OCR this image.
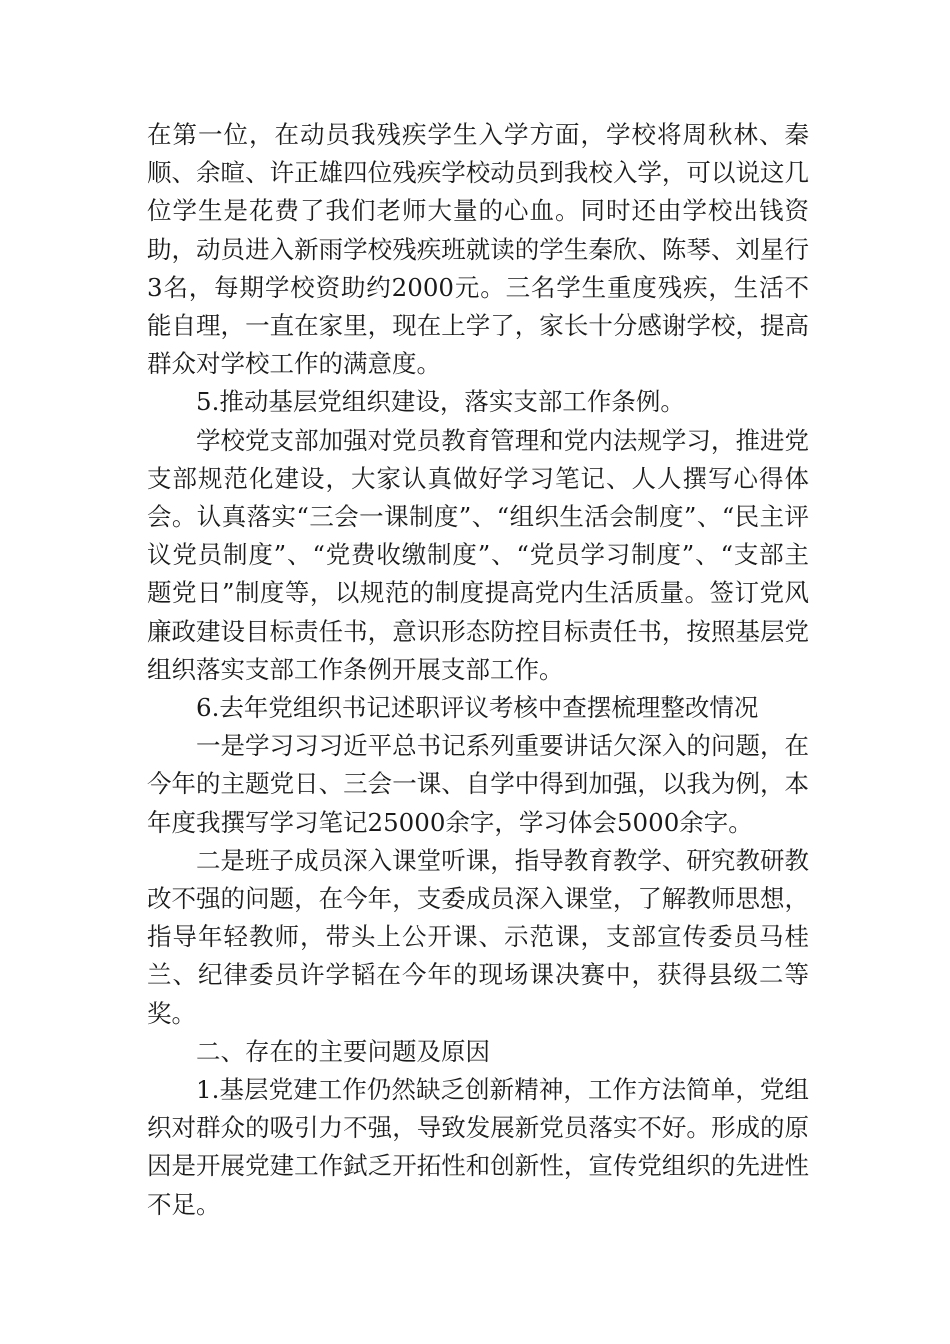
在第一位，在动员我残疾学生入学方面，学校将周秋林、秦顺、余暄、许正雄四位残疾学校动员到我校入学，可以说这几位学生是花费了我们老师大量的心血。同时还由学校出钱资助，动员进入新雨学校残疾班就读的学生秦欣、陈琴、刘星行3名，每期学校资助约2000元。三名学生重度残疾，生活不能自理，一直在家里，现在上学了，家长十分感谢学校，提高群众对学校工作的满意度。

5.推动基层党组织建设，落实支部工作条例。

学校党支部加强对党员教育管理和党内法规学习，推进党支部规范化建设，大家认真做好学习笔记、人人撰写心得体会。认真落实“三会一课制度”、“组织生活会制度”、“民主评议党员制度”、“党费收缴制度”、“党员学习制度”、“支部主题党日”制度等，以规范的制度提高党内生活质量。签订党风廉政建设目标责任书，意识形态防控目标责任书，按照基层党组织落实支部工作条例开展支部工作。

6.去年党组织书记述职评议考核中查摆梳理整改情况

一是学习习习近平总书记系列重要讲话欠深入的问题，在今年的主题党日、三会一课、自学中得到加强，以我为例，本年度我撰写学习笔记25000余字，学习体会5000余字。

二是班子成员深入课堂听课，指导教育教学、研究教研教改不强的问题，在今年，支委成员深入课堂，了解教师思想，指导年轻教师，带头上公开课、示范课，支部宣传委员马桂兰、纪律委员许学韬在今年的现场课决赛中，获得县级二等奖。

二、存在的主要问题及原因

1.基层党建工作仍然缺乏创新精神，工作方法简单，党组织对群众的吸引力不强，导致发展新党员落实不好。形成的原因是开展党建工作鉽乏开拓性和创新性，宣传党组织的先进性不足。
